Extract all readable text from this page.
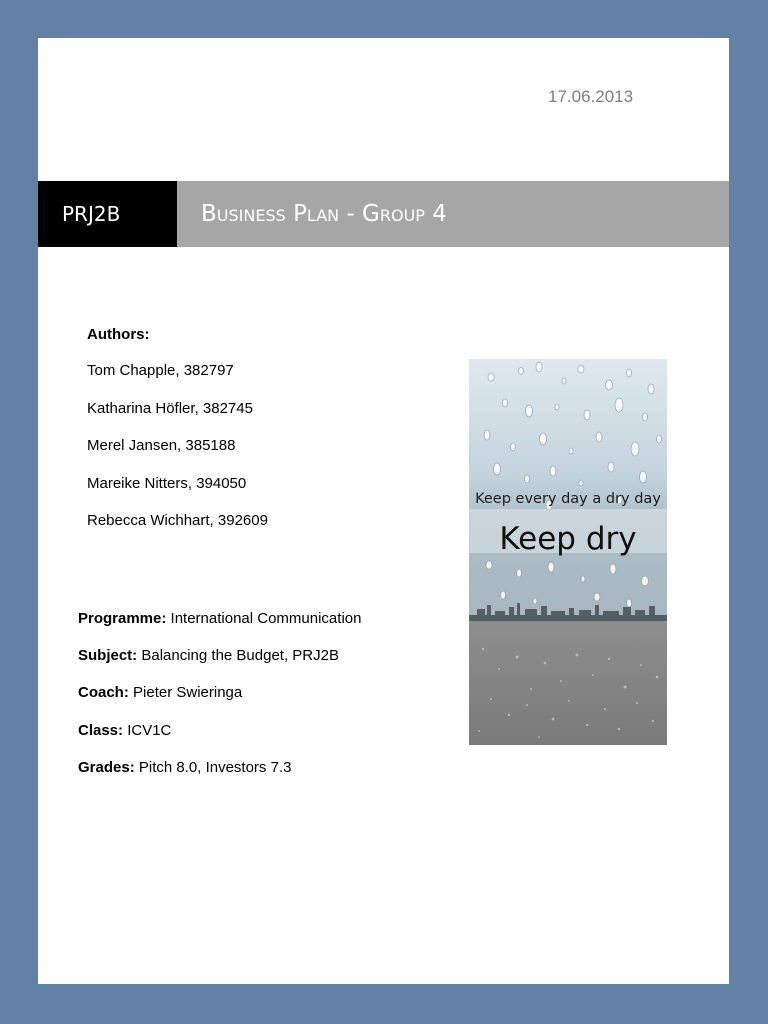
17.06.2013
PRJ2B	Business Plan - Group 4
Authors:
Tom Chapple, 382797
Katharina Höfler, 382745
Merel Jansen, 385188
Mareike Nitters, 394050
Rebecca Wichhart, 392609
Programme: International Communication
Subject: Balancing the Budget, PRJ2B
Coach: Pieter Swieringa
Class: ICV1C
Grades: Pitch 8.0, Investors 7.3
Keep every day a dry day
Keep dry
